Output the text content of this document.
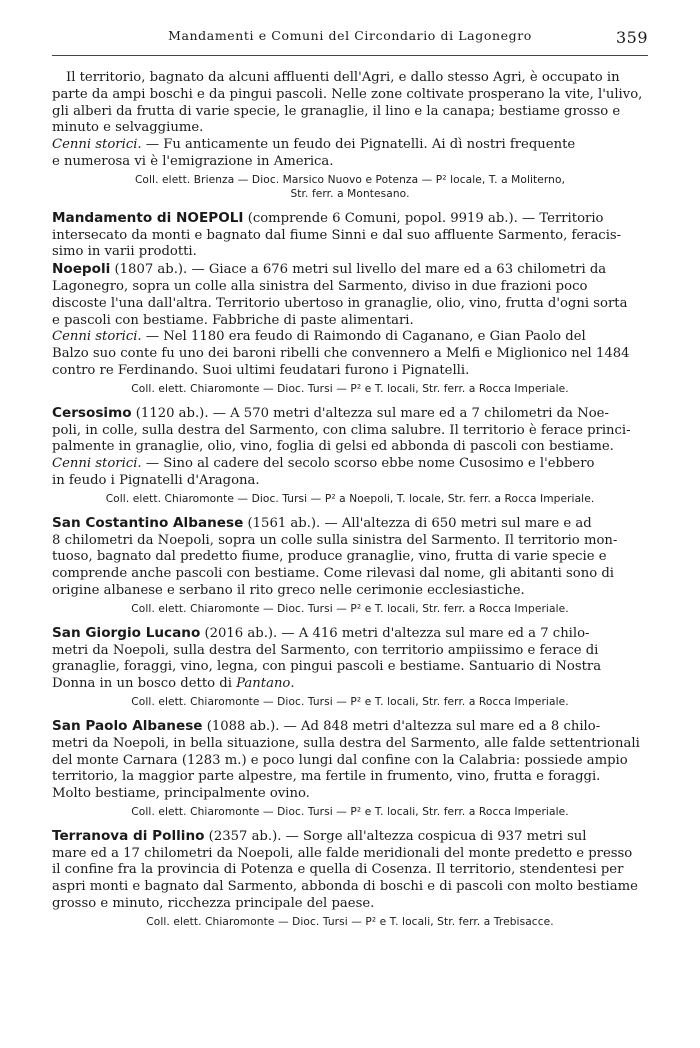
Mandamenti e Comuni del Circondario di Lagonegro	359

Il territorio, bagnato da alcuni affluenti dell'Agri, e dallo stesso Agri, è occupato in
parte da ampi boschi e da pingui pascoli. Nelle zone coltivate prosperano la vite, l'ulivo,
gli alberi da frutta di varie specie, le granaglie, il lino e la canapa; bestiame grosso e
minuto e selvaggiume.
Cenni storici. — Fu anticamente un feudo dei Pignatelli. Ai dì nostri frequente
e numerosa vi è l'emigrazione in America.

Coll. elett. Brienza — Dioc. Marsico Nuovo e Potenza — P² locale, T. a Moliterno,
Str. ferr. a Montesano.

Mandamento di NOEPOLI (comprende 6 Comuni, popol. 9919 ab.). — Territorio
intersecato da monti e bagnato dal fiume Sinni e dal suo affluente Sarmento, feracis-
simo in varii prodotti.

Noepoli (1807 ab.). — Giace a 676 metri sul livello del mare ed a 63 chilometri da
Lagonegro, sopra un colle alla sinistra del Sarmento, diviso in due frazioni poco
discoste l'una dall'altra. Territorio ubertoso in granaglie, olio, vino, frutta d'ogni sorta
e pascoli con bestiame. Fabbriche di paste alimentari.
Cenni storici. — Nel 1180 era feudo di Raimondo di Caganano, e Gian Paolo del
Balzo suo conte fu uno dei baroni ribelli che convennero a Melfi e Miglionico nel 1484
contro re Ferdinando. Suoi ultimi feudatari furono i Pignatelli.

Coll. elett. Chiaromonte — Dioc. Tursi — P² e T. locali, Str. ferr. a Rocca Imperiale.

Cersosimo (1120 ab.). — A 570 metri d'altezza sul mare ed a 7 chilometri da Noe-
poli, in colle, sulla destra del Sarmento, con clima salubre. Il territorio è ferace princi-
palmente in granaglie, olio, vino, foglia di gelsi ed abbonda di pascoli con bestiame.
Cenni storici. — Sino al cadere del secolo scorso ebbe nome Cusosimo e l'ebbero
in feudo i Pignatelli d'Aragona.

Coll. elett. Chiaromonte — Dioc. Tursi — P² a Noepoli, T. locale, Str. ferr. a Rocca Imperiale.

San Costantino Albanese (1561 ab.). — All'altezza di 650 metri sul mare e ad
8 chilometri da Noepoli, sopra un colle sulla sinistra del Sarmento. Il territorio mon-
tuoso, bagnato dal predetto fiume, produce granaglie, vino, frutta di varie specie e
comprende anche pascoli con bestiame. Come rilevasi dal nome, gli abitanti sono di
origine albanese e serbano il rito greco nelle cerimonie ecclesiastiche.

Coll. elett. Chiaromonte — Dioc. Tursi — P² e T. locali, Str. ferr. a Rocca Imperiale.

San Giorgio Lucano (2016 ab.). — A 416 metri d'altezza sul mare ed a 7 chilo-
metri da Noepoli, sulla destra del Sarmento, con territorio ampiissimo e ferace di
granaglie, foraggi, vino, legna, con pingui pascoli e bestiame. Santuario di Nostra
Donna in un bosco detto di Pantano.

Coll. elett. Chiaromonte — Dioc. Tursi — P² e T. locali, Str. ferr. a Rocca Imperiale.

San Paolo Albanese (1088 ab.). — Ad 848 metri d'altezza sul mare ed a 8 chilo-
metri da Noepoli, in bella situazione, sulla destra del Sarmento, alle falde settentrionali
del monte Carnara (1283 m.) e poco lungi dal confine con la Calabria: possiede ampio
territorio, la maggior parte alpestre, ma fertile in frumento, vino, frutta e foraggi.
Molto bestiame, principalmente ovino.

Coll. elett. Chiaromonte — Dioc. Tursi — P² e T. locali, Str. ferr. a Rocca Imperiale.

Terranova di Pollino (2357 ab.). — Sorge all'altezza cospicua di 937 metri sul
mare ed a 17 chilometri da Noepoli, alle falde meridionali del monte predetto e presso
il confine fra la provincia di Potenza e quella di Cosenza. Il territorio, stendentesi per
aspri monti e bagnato dal Sarmento, abbonda di boschi e di pascoli con molto bestiame
grosso e minuto, ricchezza principale del paese.

Coll. elett. Chiaromonte — Dioc. Tursi — P² e T. locali, Str. ferr. a Trebisacce.
